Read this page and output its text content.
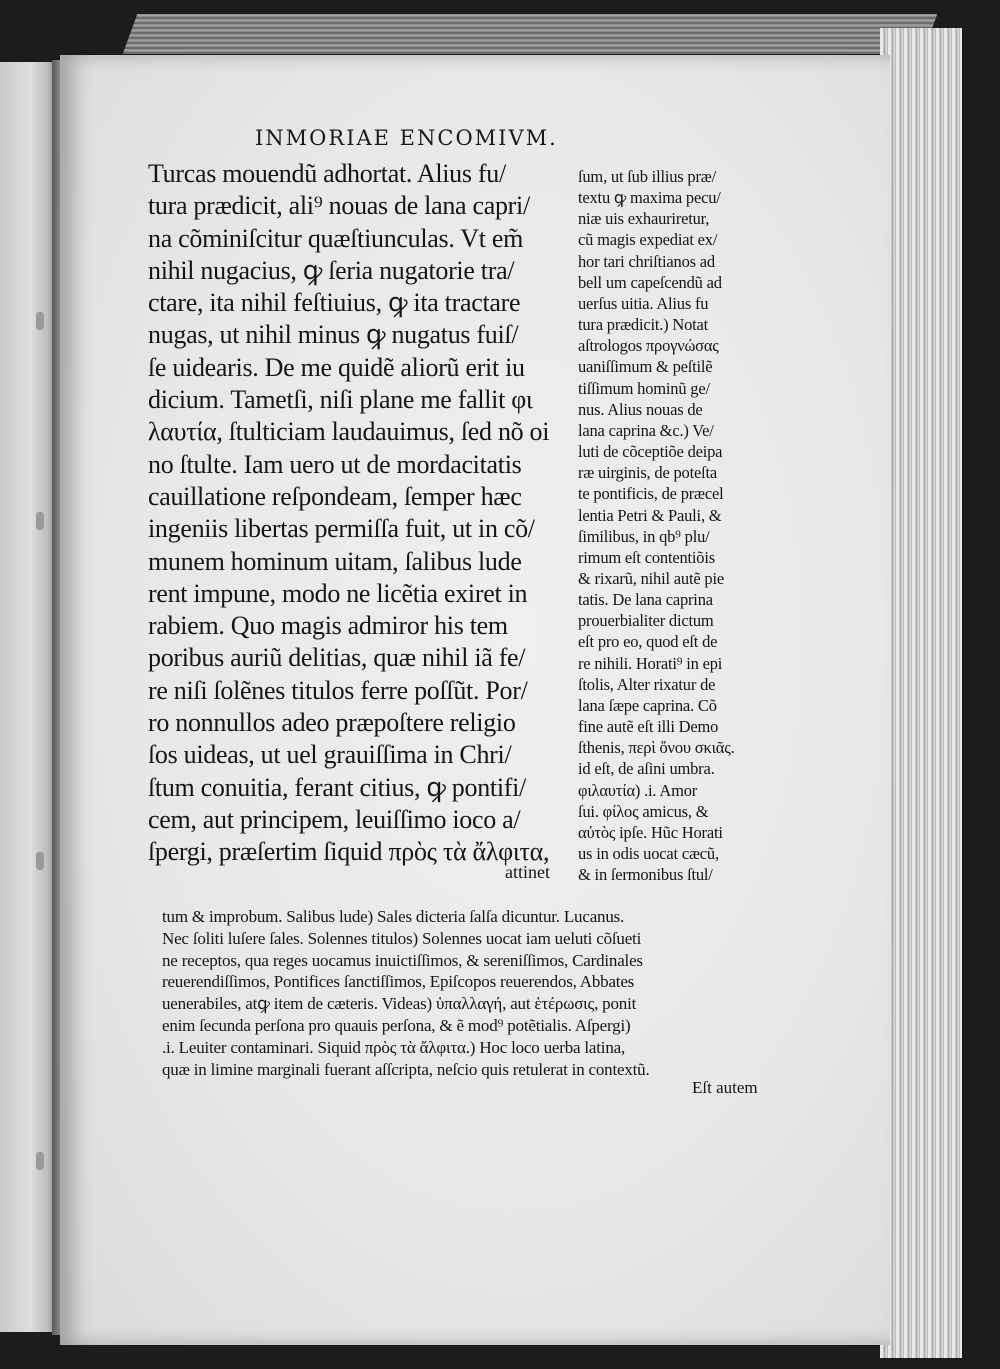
INMORIAE ENCOMIVM.
Turcas mouendũ adhortat. Alius fu/
tura prædicit, ali⁹ nouas de lana capri/
na cõminiſcitur quæſtiunculas. Vt em̃
nihil nugacius, ꝙ ſeria nugatorie tra/
ctare, ita nihil feſtiuius, ꝙ ita tractare
nugas, ut nihil minus ꝙ nugatus fuiſ/
ſe uidearis. De me quidẽ aliorũ erit iu
dicium. Tametſi, niſi plane me fallit φι
λαυτία, ſtulticiam laudauimus, ſed nõ oi
no ſtulte. Iam uero ut de mordacitatis
cauillatione reſpondeam, ſemper hæc
ingeniis libertas permiſſa fuit, ut in cõ/
munem hominum uitam, ſalibus lude
rent impune, modo ne licẽtia exiret in
rabiem. Quo magis admiror his tem
poribus auriũ delitias, quæ nihil iã fe/
re niſi ſolẽnes titulos ferre poſſũt. Por/
ro nonnullos adeo præpoſtere religio
ſos uideas, ut uel grauiſſima in Chri/
ſtum conuitia, ferant citius, ꝙ pontifi/
cem, aut principem, leuiſſimo ioco a/
ſpergi, præſertim ſiquid πρὸς τὰ ἄλφιτα,
attinet
ſum, ut ſub illius præ/
textu ꝙ maxima pecu/
niæ uis exhauriretur,
cũ magis expediat ex/
hor tari chriſtianos ad
bell um capeſcendũ ad
uerſus uitia. Alius fu
tura prædicit.) Notat
aſtrologos προγνώσας
uaniſſimum & peſtilẽ
tiſſimum hominũ ge/
nus. Alius nouas de
lana caprina &c.) Ve/
luti de cõceptiõe deipa
ræ uirginis, de poteſta
te pontificis, de præcel
lentia Petri & Pauli, &
ſimilibus, in qb⁹ plu/
rimum eſt contentiõis
& rixarũ, nihil autẽ pie
tatis. De lana caprina
prouerbialiter dictum
eſt pro eo, quod eſt de
re nihili. Horati⁹ in epi
ſtolis, Alter rixatur de
lana ſæpe caprina. Cõ
fine autẽ eſt illi Demo
ſthenis, περὶ ὄνου σκιᾶς.
id eſt, de aſini umbra.
φιλαυτία) .i. Amor
ſui. φίλος amicus, &
αὐτὸς ipſe. Hũc Horati
us in odis uocat cæcũ,
& in ſermonibus ſtul/
tum & improbum. Salibus lude) Sales dicteria ſalſa dicuntur. Lucanus.
Nec ſoliti luſere ſales. Solennes titulos) Solennes uocat iam ueluti cõſueti
ne receptos, qua reges uocamus inuictiſſimos, & sereniſſimos, Cardinales
reuerendiſſimos, Pontifices ſanctiſſimos, Epiſcopos reuerendos, Abbates
uenerabiles, atꝙ item de cæteris. Videas) ὑπαλλαγή, aut ἑτέρωσις, ponit
enim ſecunda perſona pro quauis perſona, & ẽ mod⁹ potẽtialis. Aſpergi)
.i. Leuiter contaminari. Siquid πρὸς τὰ ἄλφιτα.) Hoc loco uerba latina,
quæ in limine marginali fuerant aſſcripta, neſcio quis retulerat in contextũ.
Eſt autem
